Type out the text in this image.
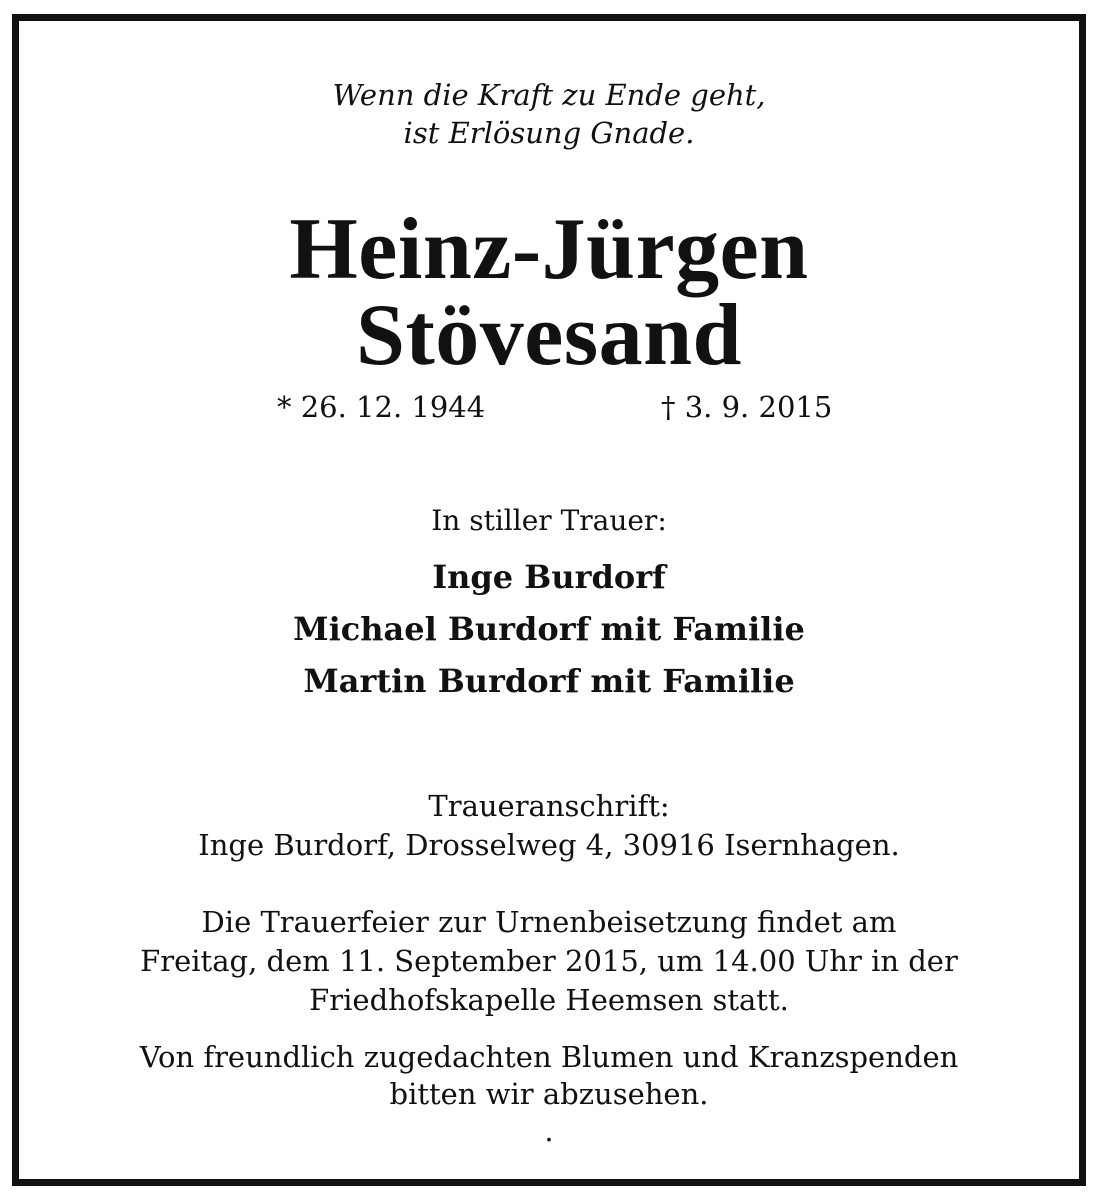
Wenn die Kraft zu Ende geht,
ist Erlösung Gnade.
Heinz-Jürgen
Stövesand
* 26. 12. 1944	† 3. 9. 2015
In stiller Trauer:
Inge Burdorf
Michael Burdorf mit Familie
Martin Burdorf mit Familie
Traueranschrift:
Inge Burdorf, Drosselweg 4, 30916 Isernhagen.
Die Trauerfeier zur Urnenbeisetzung findet am
Freitag, dem 11. September 2015, um 14.00 Uhr in der
Friedhofskapelle Heemsen statt.
Von freundlich zugedachten Blumen und Kranzspenden
bitten wir abzusehen.
.
